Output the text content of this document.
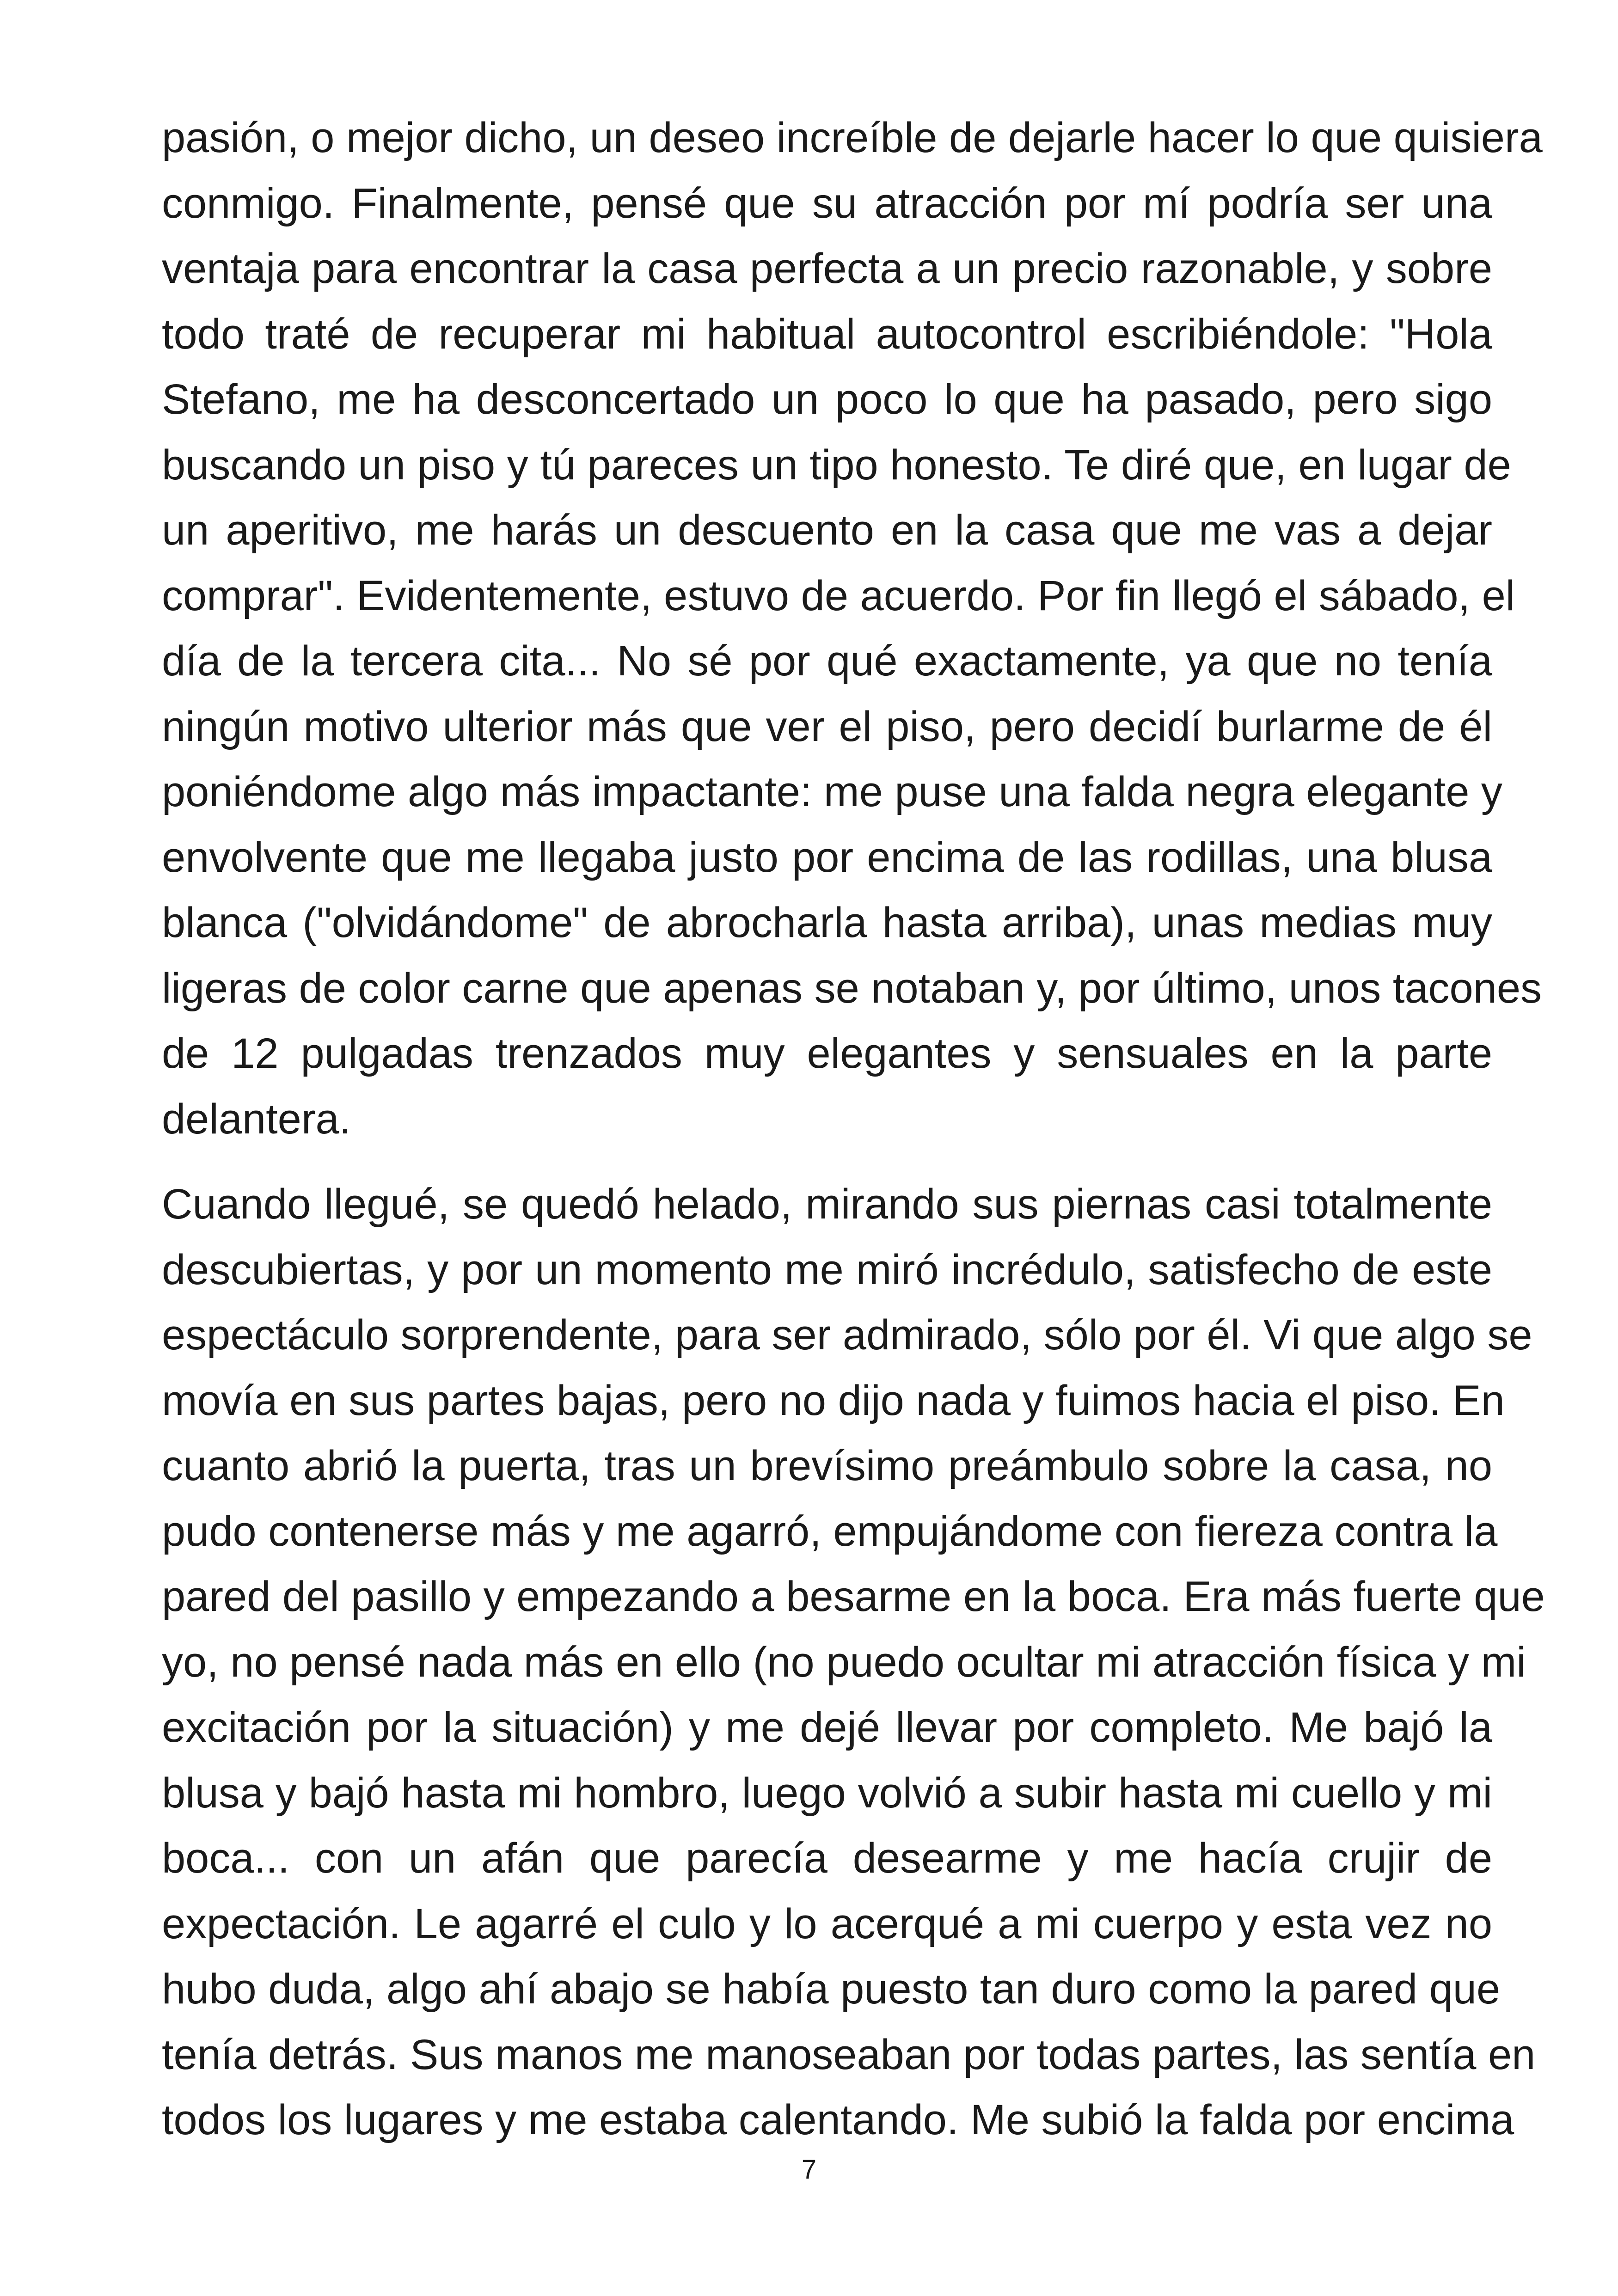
pasión, o mejor dicho, un deseo increíble de dejarle hacer lo que quisiera
conmigo. Finalmente, pensé que su atracción por mí podría ser una
ventaja para encontrar la casa perfecta a un precio razonable, y sobre
todo traté de recuperar mi habitual autocontrol escribiéndole: "Hola
Stefano, me ha desconcertado un poco lo que ha pasado, pero sigo
buscando un piso y tú pareces un tipo honesto. Te diré que, en lugar de
un aperitivo, me harás un descuento en la casa que me vas a dejar
comprar". Evidentemente, estuvo de acuerdo. Por fin llegó el sábado, el
día de la tercera cita... No sé por qué exactamente, ya que no tenía
ningún motivo ulterior más que ver el piso, pero decidí burlarme de él
poniéndome algo más impactante: me puse una falda negra elegante y
envolvente que me llegaba justo por encima de las rodillas, una blusa
blanca ("olvidándome" de abrocharla hasta arriba), unas medias muy
ligeras de color carne que apenas se notaban y, por último, unos tacones
de 12 pulgadas trenzados muy elegantes y sensuales en la parte
delantera.
Cuando llegué, se quedó helado, mirando sus piernas casi totalmente
descubiertas, y por un momento me miró incrédulo, satisfecho de este
espectáculo sorprendente, para ser admirado, sólo por él. Vi que algo se
movía en sus partes bajas, pero no dijo nada y fuimos hacia el piso. En
cuanto abrió la puerta, tras un brevísimo preámbulo sobre la casa, no
pudo contenerse más y me agarró, empujándome con fiereza contra la
pared del pasillo y empezando a besarme en la boca. Era más fuerte que
yo, no pensé nada más en ello (no puedo ocultar mi atracción física y mi
excitación por la situación) y me dejé llevar por completo. Me bajó la
blusa y bajó hasta mi hombro, luego volvió a subir hasta mi cuello y mi
boca... con un afán que parecía desearme y me hacía crujir de
expectación. Le agarré el culo y lo acerqué a mi cuerpo y esta vez no
hubo duda, algo ahí abajo se había puesto tan duro como la pared que
tenía detrás. Sus manos me manoseaban por todas partes, las sentía en
todos los lugares y me estaba calentando. Me subió la falda por encima
7
